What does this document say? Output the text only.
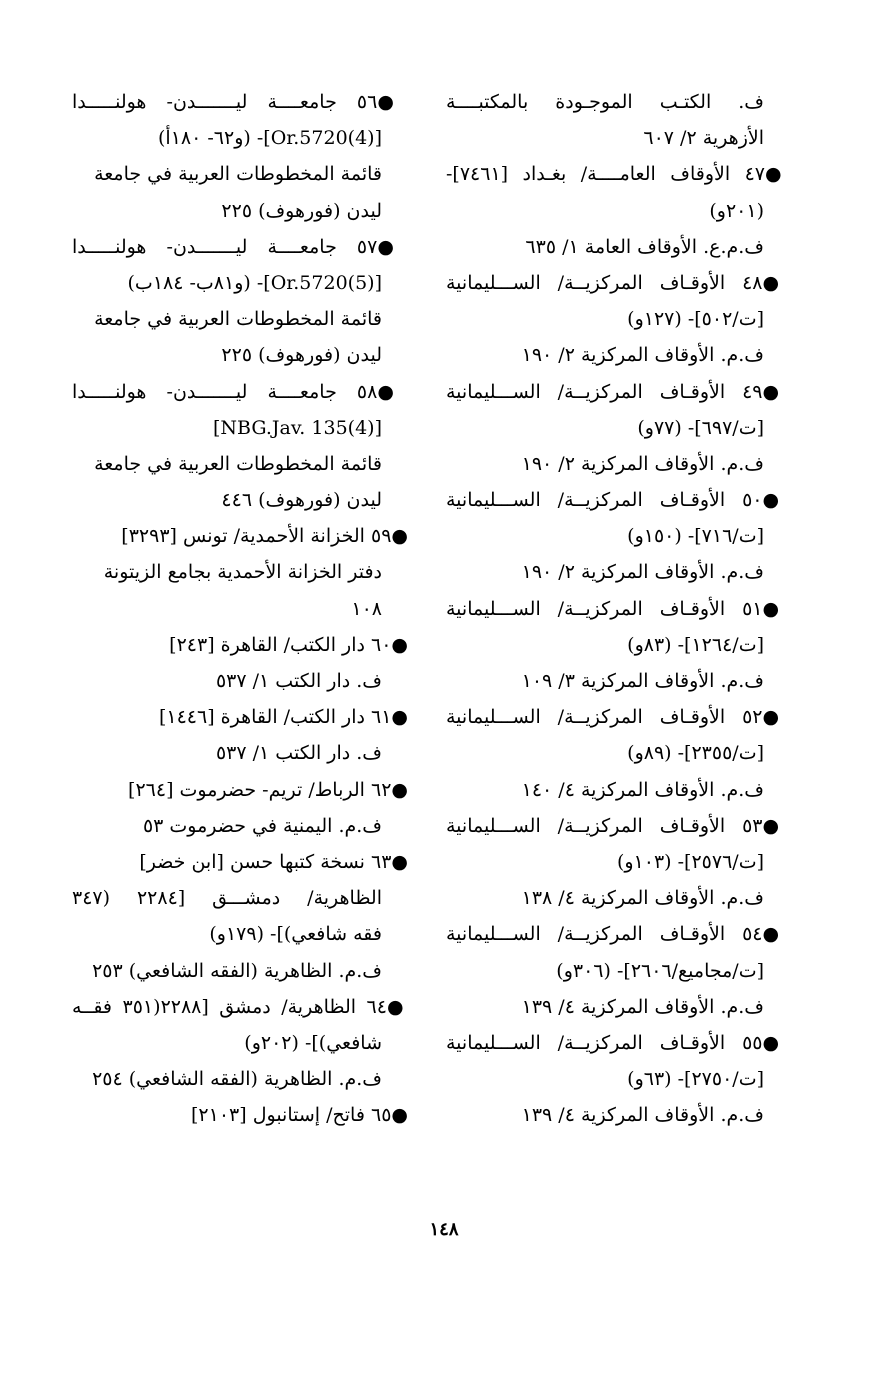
ف. الكتـب الموجـودة بالمكتبــــة
الأزهرية ٢/ ٦٠٧
●٤٧ الأوقاف العامــــة/ بغـداد [٧٤٦١]-
(٢٠١و)
ف.م.ع. الأوقاف العامة ١/ ٦٣٥
●٤٨ الأوقـاف المركزيــة/ الســـليمانية
[ت/٥٠٢]- (١٢٧و)
ف.م. الأوقاف المركزية ٢/ ١٩٠
●٤٩ الأوقـاف المركزيــة/ الســـليمانية
[ت/٦٩٧]- (٧٧و)
ف.م. الأوقاف المركزية ٢/ ١٩٠
●٥٠ الأوقـاف المركزيــة/ الســـليمانية
[ت/٧١٦]- (١٥٠و)
ف.م. الأوقاف المركزية ٢/ ١٩٠
●٥١ الأوقـاف المركزيــة/ الســـليمانية
[ت/١٢٦٤]- (٨٣و)
ف.م. الأوقاف المركزية ٣/ ١٠٩
●٥٢ الأوقـاف المركزيــة/ الســـليمانية
[ت/٢٣٥٥]- (٨٩و)
ف.م. الأوقاف المركزية ٤/ ١٤٠
●٥٣ الأوقـاف المركزيــة/ الســـليمانية
[ت/٢٥٧٦]- (١٠٣و)
ف.م. الأوقاف المركزية ٤/ ١٣٨
●٥٤ الأوقـاف المركزيــة/ الســـليمانية
[ت/مجاميع/٢٦٠٦]- (٣٠٦و)
ف.م. الأوقاف المركزية ٤/ ١٣٩
●٥٥ الأوقـاف المركزيــة/ الســـليمانية
[ت/٢٧٥٠]- (٦٣و)
ف.م. الأوقاف المركزية ٤/ ١٣٩
●٥٦ جامعــــة ليـــــــدن- هولنـــــدا
[Or.5720(4)]- (و٦٢- ١٨٠أ)
قائمة المخطوطات العربية في جامعة
ليدن (فورهوف) ٢٢٥
●٥٧ جامعــــة ليـــــــدن- هولنـــــدا
[Or.5720(5)]- (و٨١ب- ١٨٤ب)
قائمة المخطوطات العربية في جامعة
ليدن (فورهوف) ٢٢٥
●٥٨ جامعــــة ليـــــــدن- هولنـــــدا
[NBG.Jav. 135(4)]
قائمة المخطوطات العربية في جامعة
ليدن (فورهوف) ٤٤٦
●٥٩ الخزانة الأحمدية/ تونس [٣٢٩٣]
دفتر الخزانة الأحمدية بجامع الزيتونة
١٠٨
●٦٠ دار الكتب/ القاهرة [٢٤٣]
ف. دار الكتب ١/ ٥٣٧
●٦١ دار الكتب/ القاهرة [١٤٤٦]
ف. دار الكتب ١/ ٥٣٧
●٦٢ الرباط/ تريم- حضرموت [٢٦٤]
ف.م. اليمنية في حضرموت ٥٣
●٦٣ نسخة كتبها حسن [ابن خضر]
الظاهرية/ دمشـــق [٢٢٨٤ (٣٤٧
فقه شافعي)]- (١٧٩و)
ف.م. الظاهرية (الفقه الشافعي) ٢٥٣
●٦٤ الظاهرية/ دمشق [٢٢٨٨(٣٥١ فقــه
شافعي)]- (٢٠٢و)
ف.م. الظاهرية (الفقه الشافعي) ٢٥٤
●٦٥ فاتح/ إستانبول [٢١٠٣]
١٤٨
